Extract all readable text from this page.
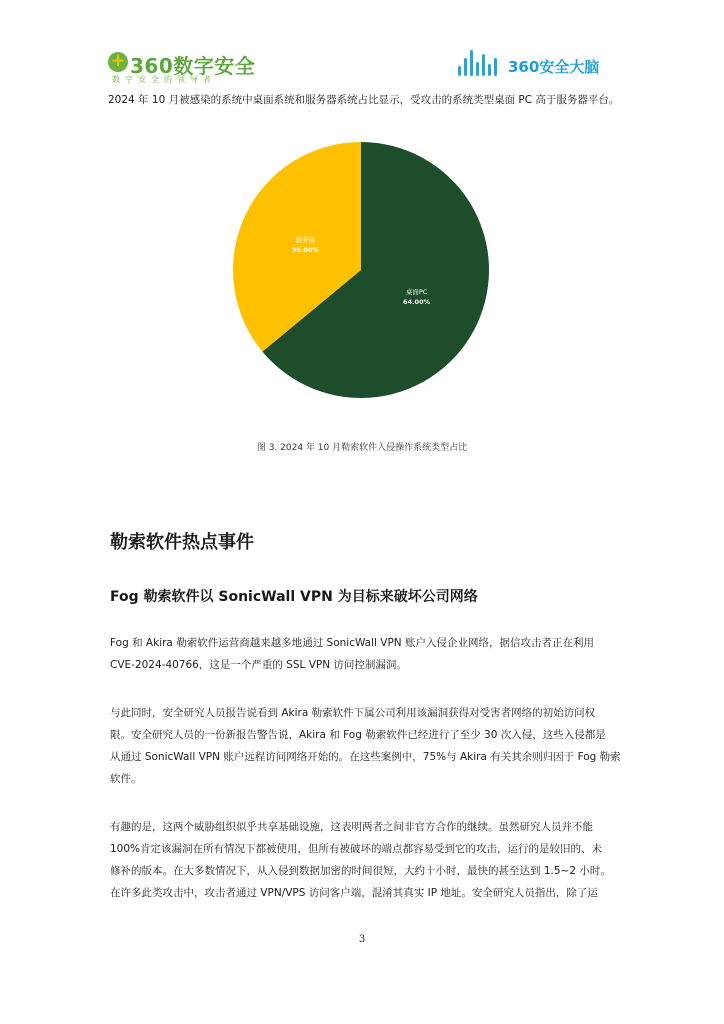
+
360数字安全
数字安全的领导者
360安全大脑
2024 年 10 月被感染的系统中桌面系统和服务器系统占比显示，受攻击的系统类型桌面 PC 高于服务器平台。
桌面PC
64.00%
服务器
36.00%
图 3. 2024 年 10 月勒索软件入侵操作系统类型占比
勒索软件热点事件
Fog 勒索软件以 SonicWall VPN 为目标来破坏公司网络
Fog 和 Akira 勒索软件运营商越来越多地通过 SonicWall VPN 账户入侵企业网络，据信攻击者正在利用
CVE-2024-40766，这是一个严重的 SSL VPN 访问控制漏洞。
与此同时，安全研究人员报告说看到 Akira 勒索软件下属公司利用该漏洞获得对受害者网络的初始访问权
限。安全研究人员的一份新报告警告说，Akira 和 Fog 勒索软件已经进行了至少 30 次入侵，这些入侵都是
从通过 SonicWall VPN 账户远程访问网络开始的。在这些案例中，75%与 Akira 有关其余则归因于 Fog 勒索
软件。
有趣的是，这两个威胁组织似乎共享基础设施，这表明两者之间非官方合作的继续。虽然研究人员并不能
100%肯定该漏洞在所有情况下都被使用，但所有被破坏的端点都容易受到它的攻击，运行的是较旧的、未
修补的版本。在大多数情况下，从入侵到数据加密的时间很短，大约十小时，最快的甚至达到 1.5~2 小时。
在许多此类攻击中，攻击者通过 VPN/VPS 访问客户端，混淆其真实 IP 地址。安全研究人员指出，除了运
3
